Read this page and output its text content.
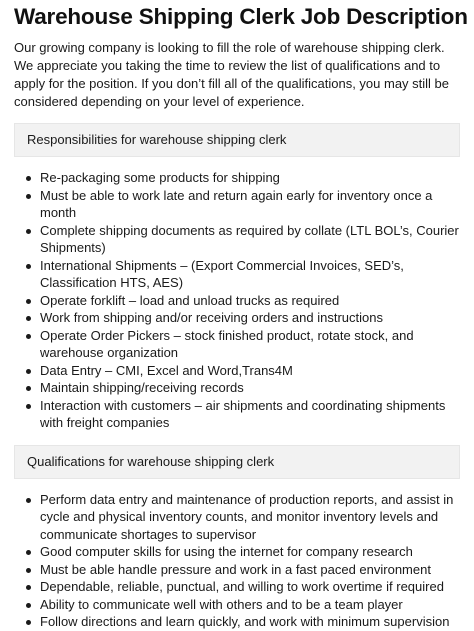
Warehouse Shipping Clerk Job Description

Our growing company is looking to fill the role of warehouse shipping clerk. We appreciate you taking the time to review the list of qualifications and to apply for the position. If you don’t fill all of the qualifications, you may still be considered depending on your level of experience.

Responsibilities for warehouse shipping clerk
Re-packaging some products for shipping
Must be able to work late and return again early for inventory once a month
Complete shipping documents as required by collate (LTL BOL’s, Courier Shipments)
International Shipments – (Export Commercial Invoices, SED’s, Classification HTS, AES)
Operate forklift – load and unload trucks as required
Work from shipping and/or receiving orders and instructions
Operate Order Pickers – stock finished product, rotate stock, and warehouse organization
Data Entry – CMI, Excel and Word,Trans4M
Maintain shipping/receiving records
Interaction with customers – air shipments and coordinating shipments with freight companies
Qualifications for warehouse shipping clerk
Perform data entry and maintenance of production reports, and assist in cycle and physical inventory counts, and monitor inventory levels and communicate shortages to supervisor
Good computer skills for using the internet for company research
Must be able handle pressure and work in a fast paced environment
Dependable, reliable, punctual, and willing to work overtime if required
Ability to communicate well with others and to be a team player
Follow directions and learn quickly, and work with minimum supervision
